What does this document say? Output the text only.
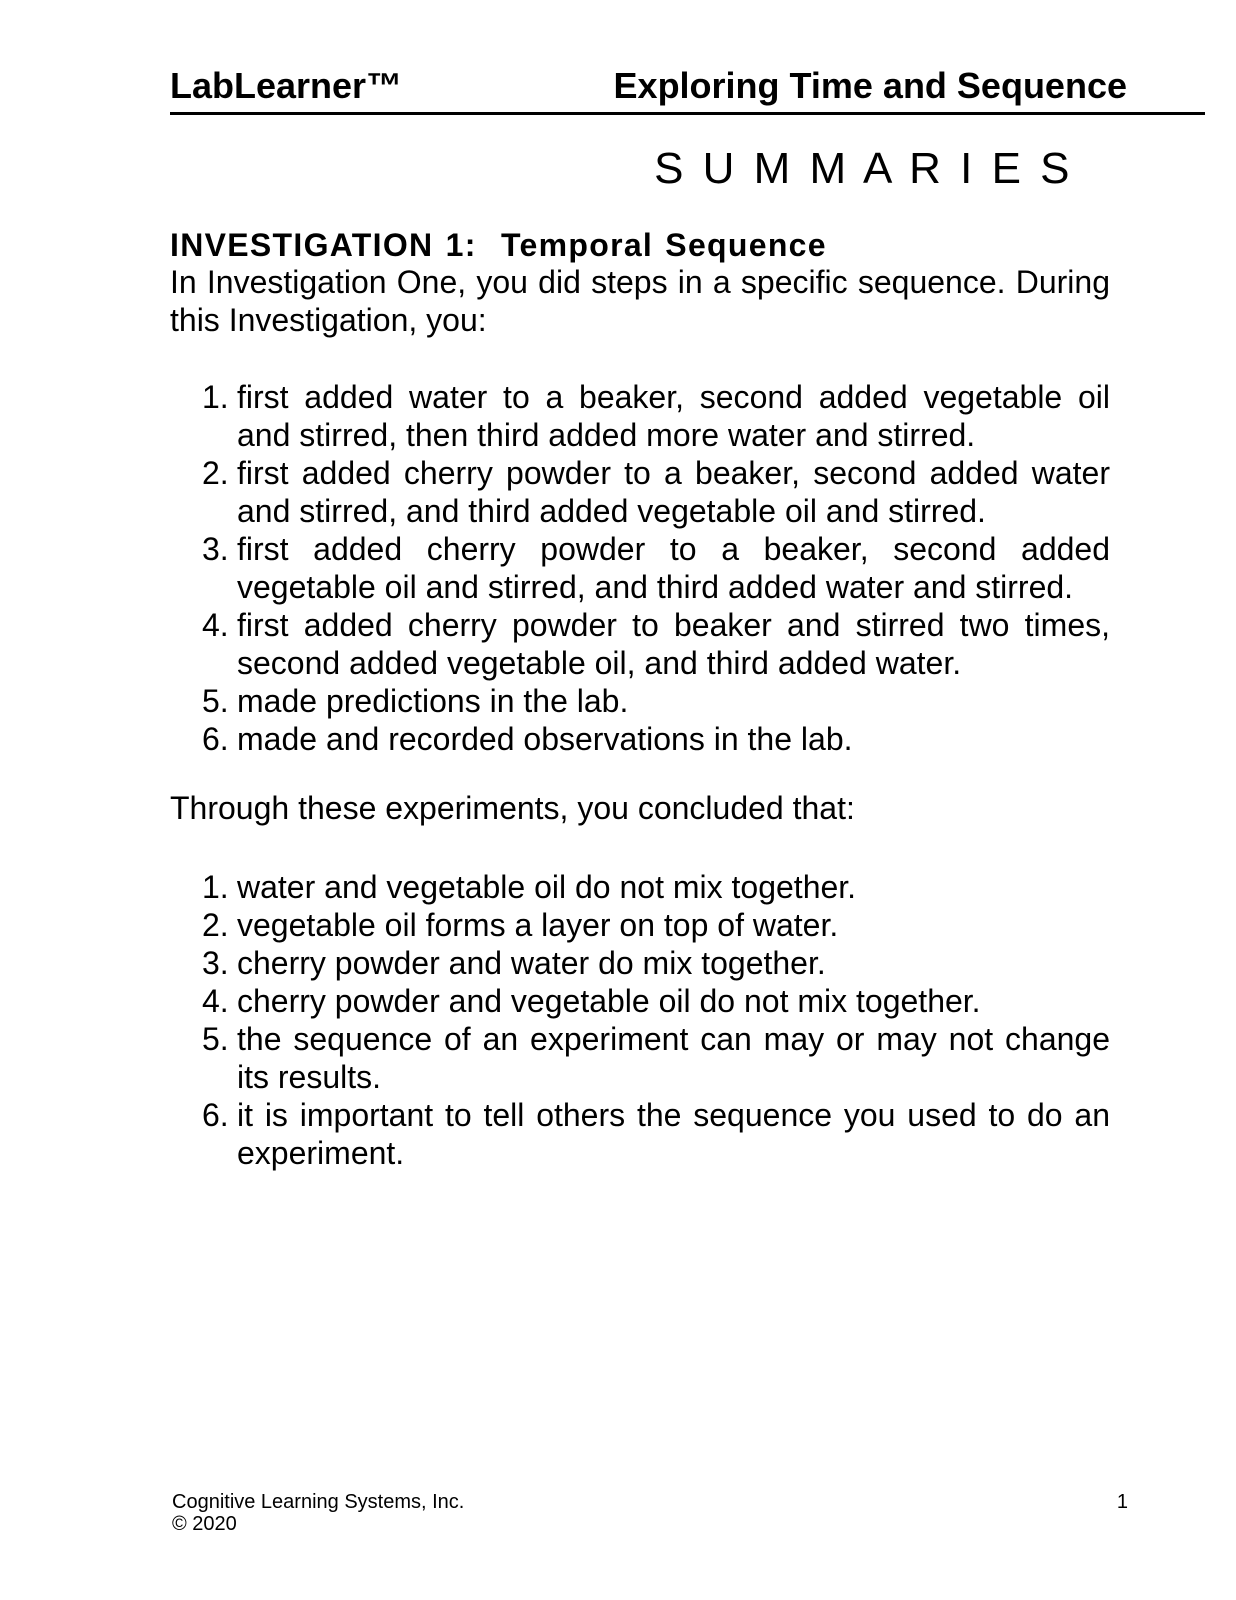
LabLearner™	Exploring Time and Sequence
S U M M A R I E S
INVESTIGATION 1:  Temporal Sequence
In Investigation One, you did steps in a specific sequence. During this Investigation, you:
1. first added water to a beaker, second added vegetable oil and stirred, then third added more water and stirred.
2. first added cherry powder to a beaker, second added water and stirred, and third added vegetable oil and stirred.
3. first added cherry powder to a beaker, second added vegetable oil and stirred, and third added water and stirred.
4. first added cherry powder to beaker and stirred two times, second added vegetable oil, and third added water.
5. made predictions in the lab.
6. made and recorded observations in the lab.
Through these experiments, you concluded that:
1. water and vegetable oil do not mix together.
2. vegetable oil forms a layer on top of water.
3. cherry powder and water do mix together.
4. cherry powder and vegetable oil do not mix together.
5. the sequence of an experiment can may or may not change its results.
6. it is important to tell others the sequence you used to do an experiment.
Cognitive Learning Systems, Inc.
© 2020
1
